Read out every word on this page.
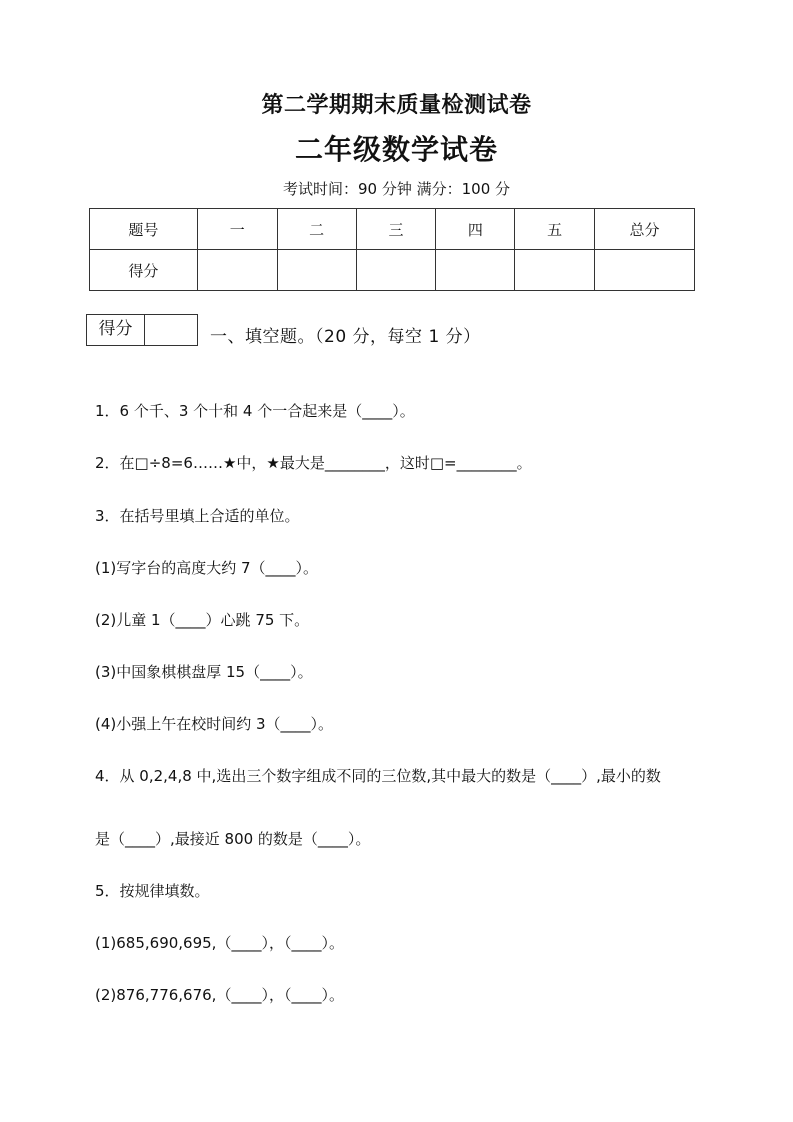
第二学期期末质量检测试卷
二年级数学试卷
考试时间：90 分钟 满分：100 分
题号	一	二	三	四	五	总分
得分						
得分	一、填空题。（20 分，每空 1 分）
1．6 个千、3 个十和 4 个一合起来是（____）。
2．在□÷8=6……★中，★最大是________，这时□=________。
3．在括号里填上合适的单位。
(1)写字台的高度大约 7（____）。
(2)儿童 1（____）心跳 75 下。
(3)中国象棋棋盘厚 15（____）。
(4)小强上午在校时间约 3（____）。
4．从 0,2,4,8 中,选出三个数字组成不同的三位数,其中最大的数是（____）,最小的数
是（____）,最接近 800 的数是（____）。
5．按规律填数。
(1)685,690,695,（____），（____）。
(2)876,776,676,（____），（____）。
